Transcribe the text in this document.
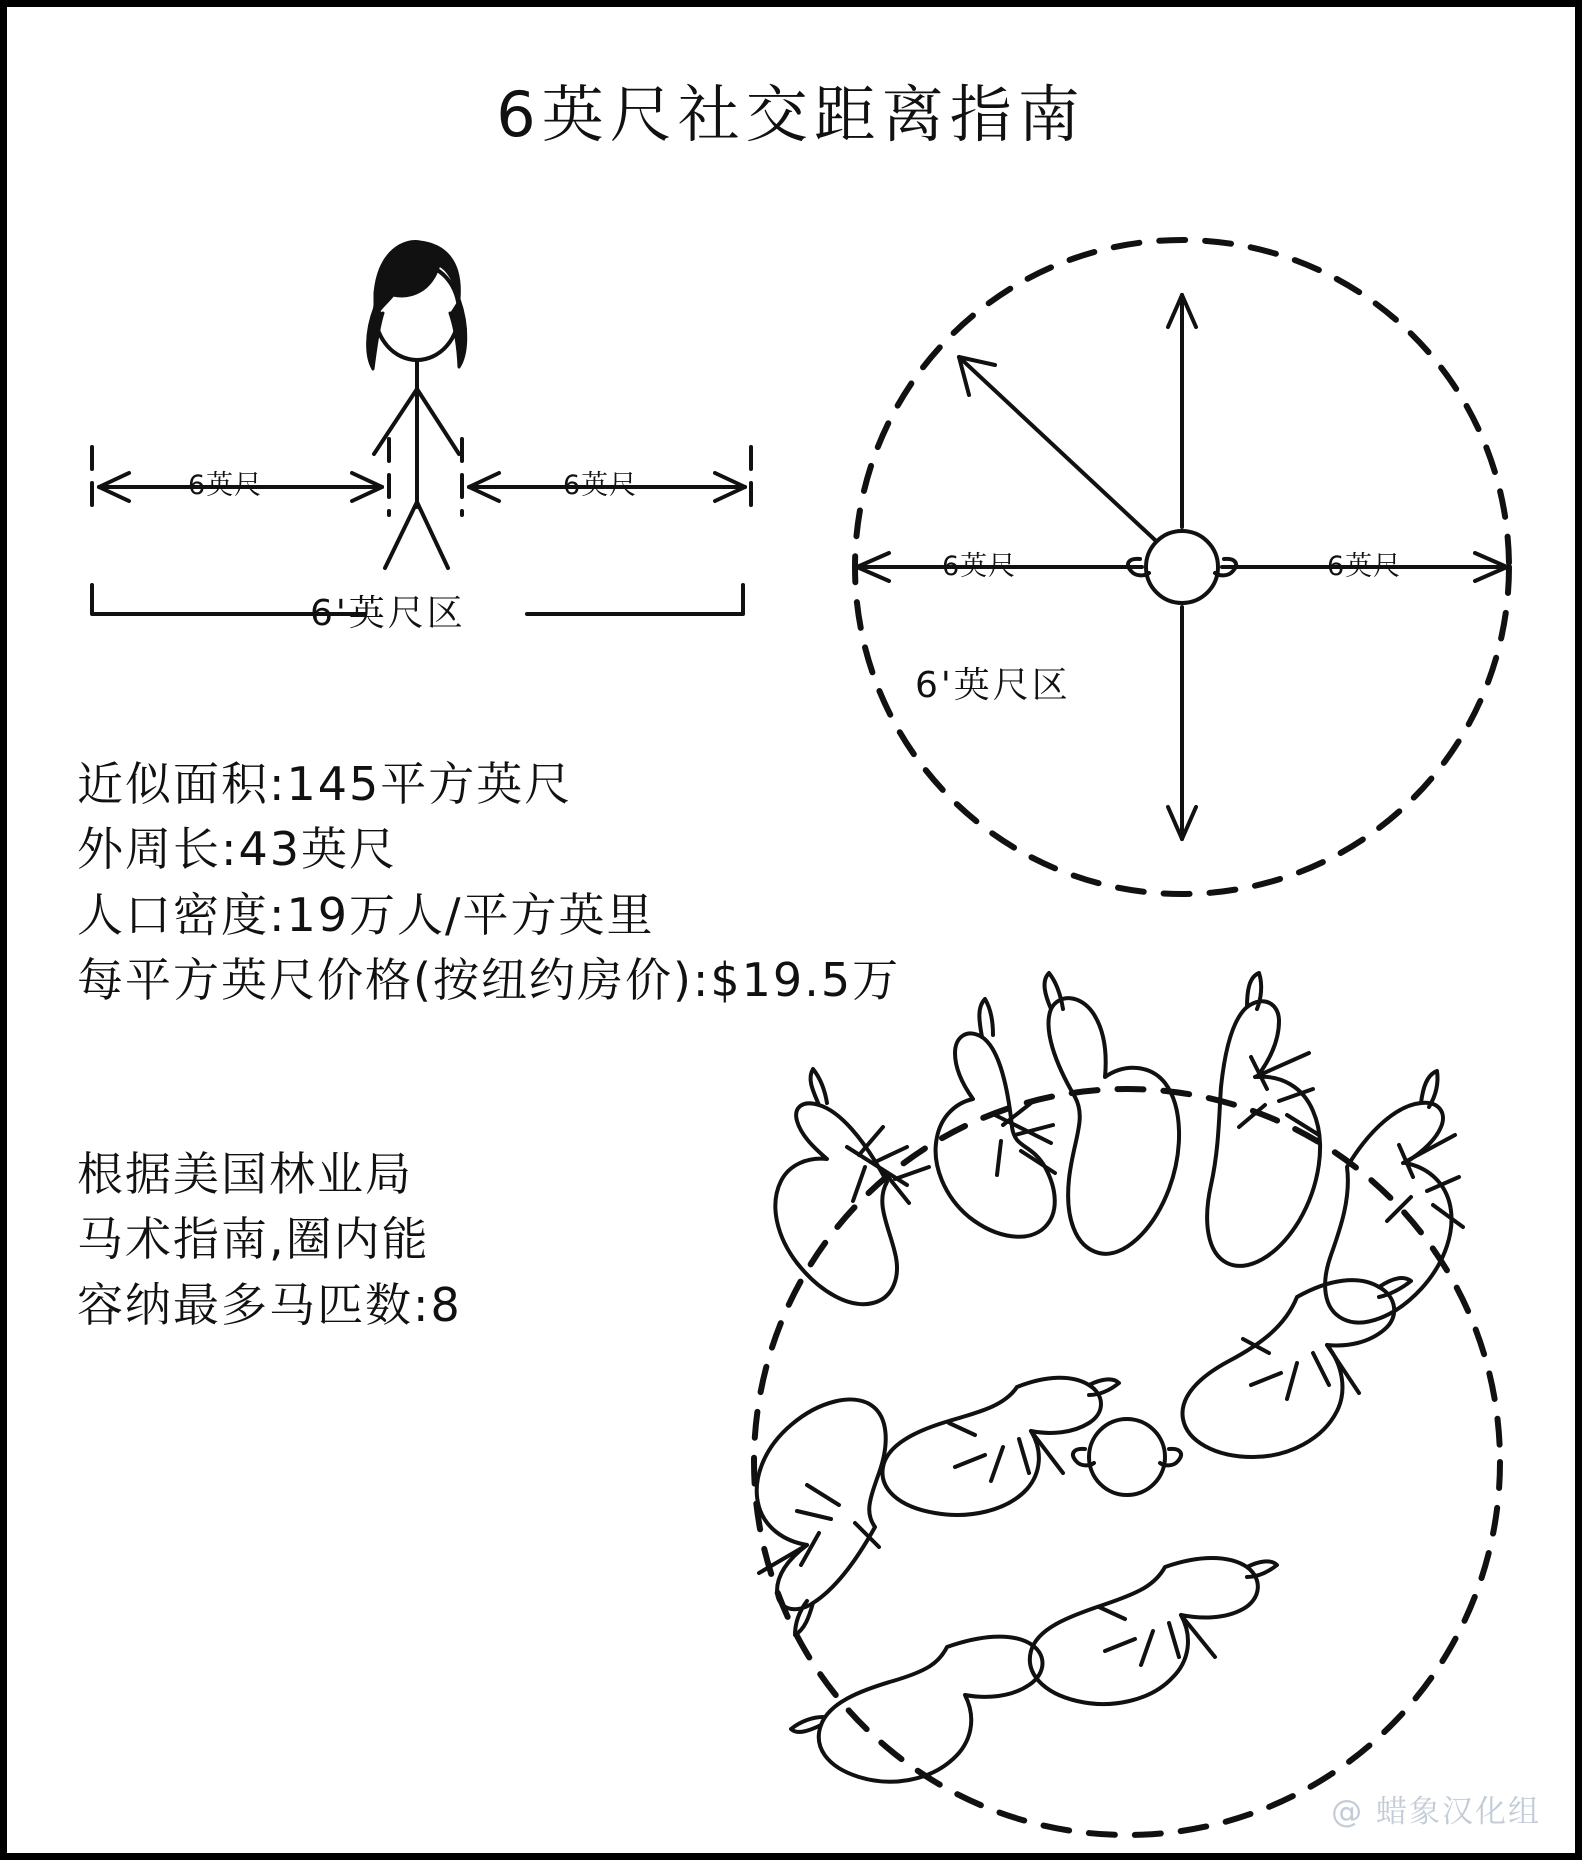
6英尺社交距离指南
6英尺	6英尺
6'英尺区
6英尺	6英尺
6'英尺区
近似面积:145平方英尺
外周长:43英尺
人口密度:19万人/平方英里
每平方英尺价格(按纽约房价):$19.5万
根据美国林业局
马术指南,圈内能
容纳最多马匹数:8
@ 蜡象汉化组
